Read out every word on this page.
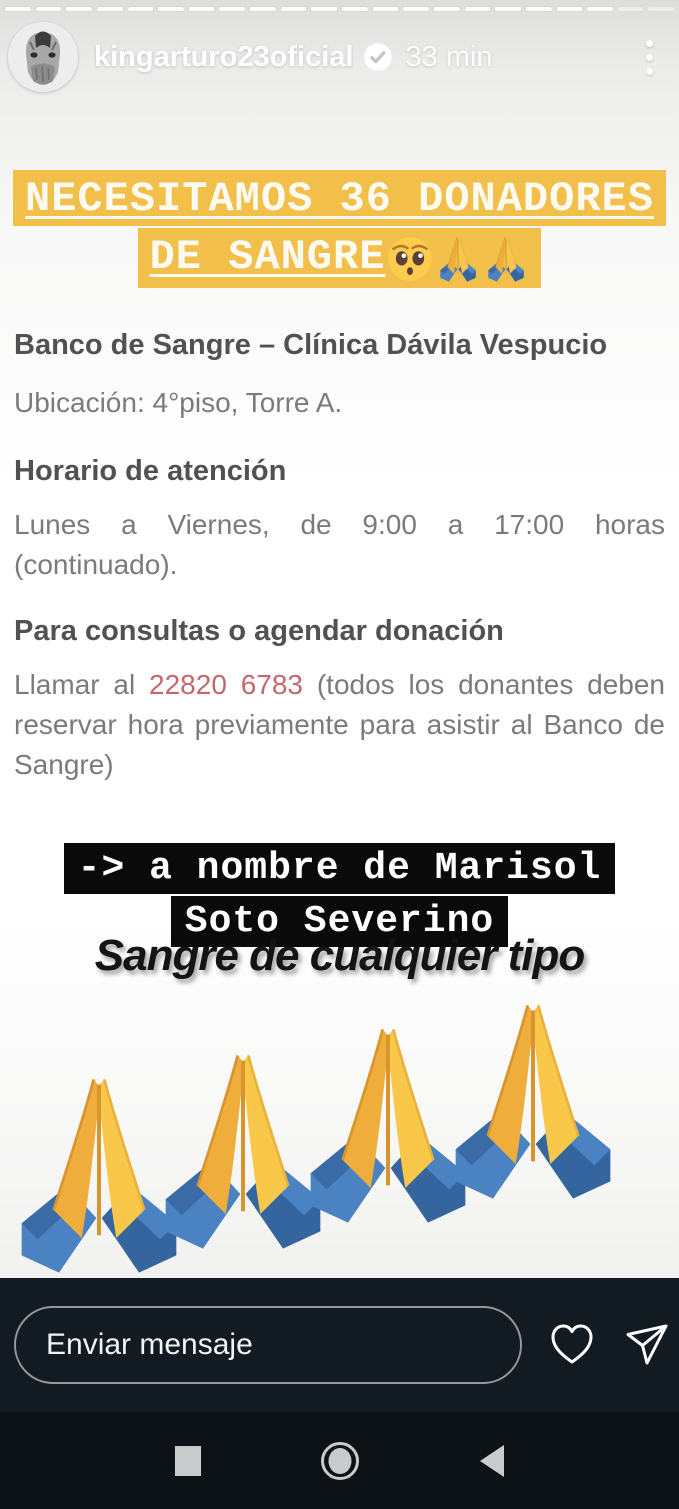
kingarturo23oficial 33 min
NECESITAMOS 36 DONADORES
DE SANGRE
Banco de Sangre – Clínica Dávila Vespucio
Ubicación: 4°piso, Torre A.
Horario de atención
Lunes a Viernes, de 9:00 a 17:00 horas (continuado).
Para consultas o agendar donación
Llamar al 22820 6783 (todos los donantes deben reservar hora previamente para asistir al Banco de Sangre)
-> a nombre de Marisol
Soto Severino
Sangre de cualquier tipo
Enviar mensaje
